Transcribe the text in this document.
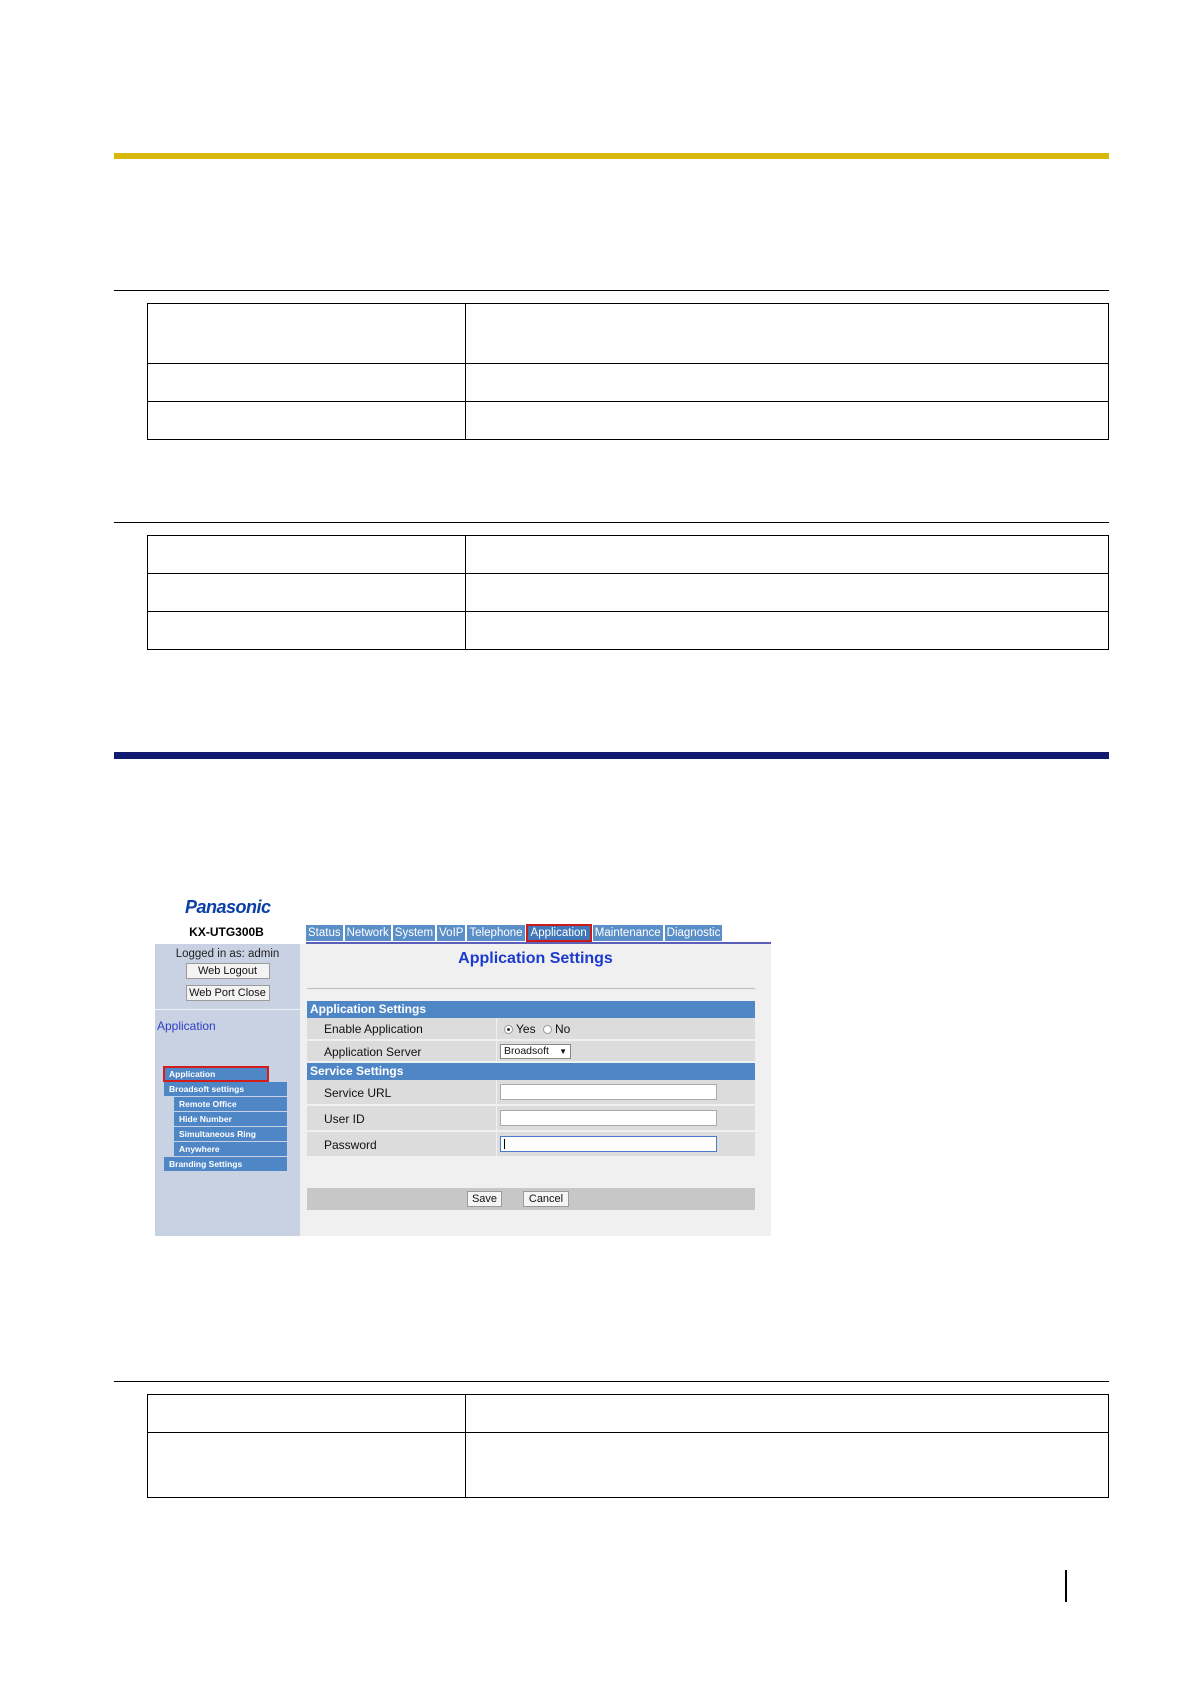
Panasonic
KX-UTG300B	Status Network System VoIP Telephone Application Maintenance Diagnostic
Logged in as: admin
Web Logout
Web Port Close
Application
Application
Broadsoft settings
Remote Office
Hide Number
Simultaneous Ring
Anywhere
Branding Settings
Application Settings
Application Settings
Enable Application	Yes	No
Application Server	Broadsoft ▼
Service Settings
Service URL
User ID
Password
Save	Cancel
